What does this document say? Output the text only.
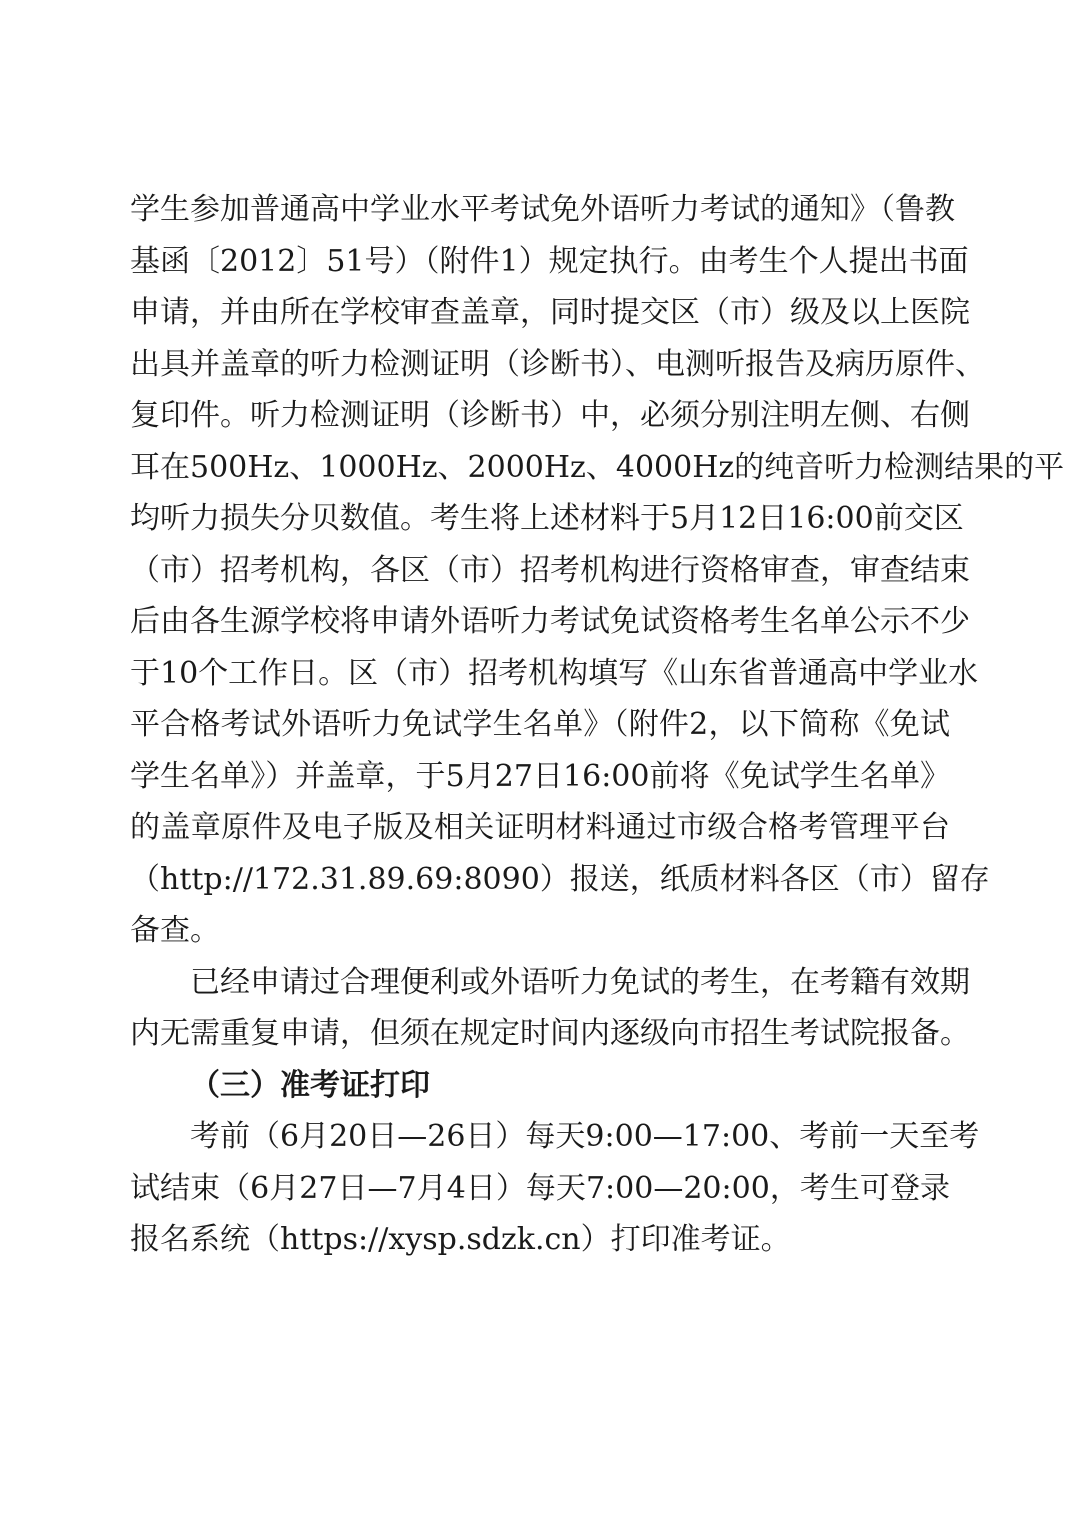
学生参加普通高中学业水平考试免外语听力考试的通知》（鲁教
基函〔2012〕51号）（附件1）规定执行。由考生个人提出书面
申请，并由所在学校审查盖章，同时提交区（市）级及以上医院
出具并盖章的听力检测证明（诊断书）、电测听报告及病历原件、
复印件。听力检测证明（诊断书）中，必须分别注明左侧、右侧
耳在500Hz、1000Hz、2000Hz、4000Hz的纯音听力检测结果的平
均听力损失分贝数值。考生将上述材料于5月12日16:00前交区
（市）招考机构，各区（市）招考机构进行资格审查，审查结束
后由各生源学校将申请外语听力考试免试资格考生名单公示不少
于10个工作日。区（市）招考机构填写《山东省普通高中学业水
平合格考试外语听力免试学生名单》（附件2，以下简称《免试
学生名单》）并盖章，于5月27日16:00前将《免试学生名单》
的盖章原件及电子版及相关证明材料通过市级合格考管理平台
（http://172.31.89.69:8090）报送，纸质材料各区（市）留存
备查。
已经申请过合理便利或外语听力免试的考生，在考籍有效期
内无需重复申请，但须在规定时间内逐级向市招生考试院报备。
（三）准考证打印
考前（6月20日—26日）每天9:00—17:00、考前一天至考
试结束（6月27日—7月4日）每天7:00—20:00，考生可登录
报名系统（https://xysp.sdzk.cn）打印准考证。
